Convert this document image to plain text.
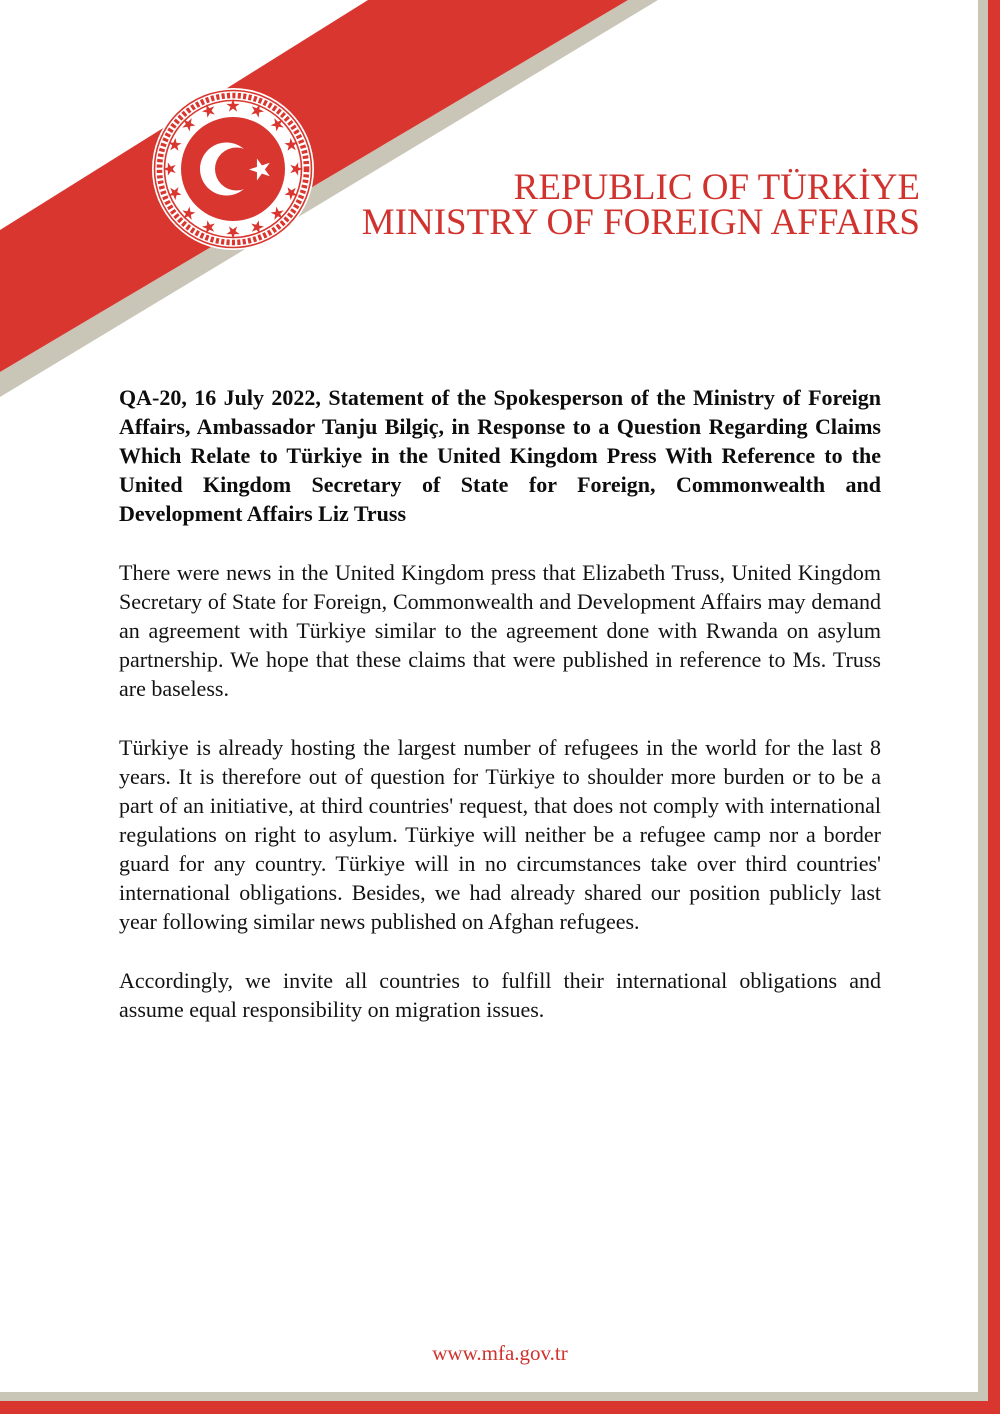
REPUBLIC OF TÜRKİYE
MINISTRY OF FOREIGN AFFAIRS

QA-20, 16 July 2022, Statement of the Spokesperson of the Ministry of Foreign Affairs, Ambassador Tanju Bilgiç, in Response to a Question Regarding Claims Which Relate to Türkiye in the United Kingdom Press With Reference to the United Kingdom Secretary of State for Foreign, Commonwealth and Development Affairs Liz Truss

There were news in the United Kingdom press that Elizabeth Truss, United Kingdom Secretary of State for Foreign, Commonwealth and Development Affairs may demand an agreement with Türkiye similar to the agreement done with Rwanda on asylum partnership. We hope that these claims that were published in reference to Ms. Truss are baseless.

Türkiye is already hosting the largest number of refugees in the world for the last 8 years. It is therefore out of question for Türkiye to shoulder more burden or to be a part of an initiative, at third countries' request, that does not comply with international regulations on right to asylum. Türkiye will neither be a refugee camp nor a border guard for any country. Türkiye will in no circumstances take over third countries' international obligations. Besides, we had already shared our position publicly last year following similar news published on Afghan refugees.

Accordingly, we invite all countries to fulfill their international obligations and assume equal responsibility on migration issues.

www.mfa.gov.tr
